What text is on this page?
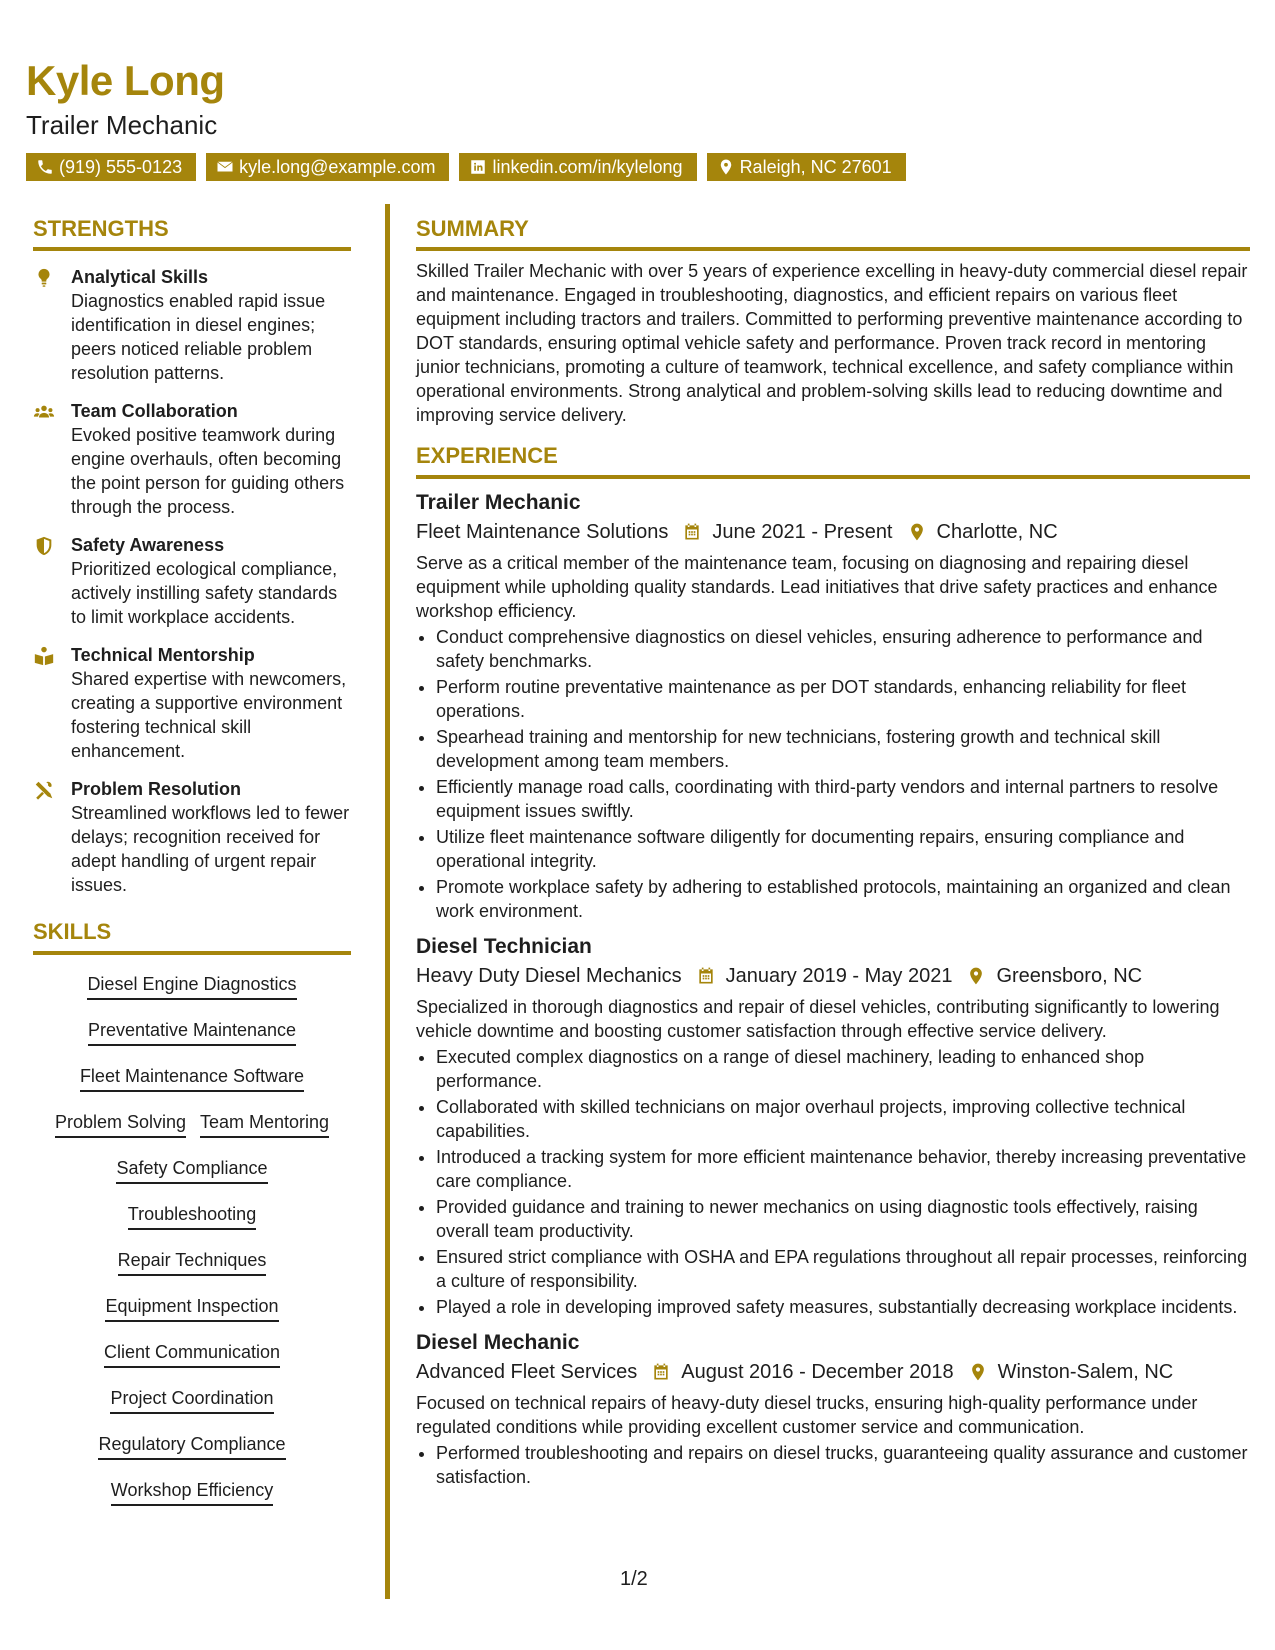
Kyle Long
Trailer Mechanic
(919) 555-0123	kyle.long@example.com	linkedin.com/in/kylelong	Raleigh, NC 27601
STRENGTHS
Analytical Skills
Diagnostics enabled rapid issue identification in diesel engines; peers noticed reliable problem resolution patterns.
Team Collaboration
Evoked positive teamwork during engine overhauls, often becoming the point person for guiding others through the process.
Safety Awareness
Prioritized ecological compliance, actively instilling safety standards to limit workplace accidents.
Technical Mentorship
Shared expertise with newcomers, creating a supportive environment fostering technical skill enhancement.
Problem Resolution
Streamlined workflows led to fewer delays; recognition received for adept handling of urgent repair issues.
SKILLS
Diesel Engine Diagnostics
Preventative Maintenance
Fleet Maintenance Software
Problem Solving Team Mentoring
Safety Compliance
Troubleshooting
Repair Techniques
Equipment Inspection
Client Communication
Project Coordination
Regulatory Compliance
Workshop Efficiency
SUMMARY
Skilled Trailer Mechanic with over 5 years of experience excelling in heavy-duty commercial diesel repair and maintenance. Engaged in troubleshooting, diagnostics, and efficient repairs on various fleet equipment including tractors and trailers. Committed to performing preventive maintenance according to DOT standards, ensuring optimal vehicle safety and performance. Proven track record in mentoring junior technicians, promoting a culture of teamwork, technical excellence, and safety compliance within operational environments. Strong analytical and problem-solving skills lead to reducing downtime and improving service delivery.
EXPERIENCE
Trailer Mechanic
Fleet Maintenance Solutions June 2021 - Present Charlotte, NC
Serve as a critical member of the maintenance team, focusing on diagnosing and repairing diesel equipment while upholding quality standards. Lead initiatives that drive safety practices and enhance workshop efficiency.
• Conduct comprehensive diagnostics on diesel vehicles, ensuring adherence to performance and safety benchmarks.
• Perform routine preventative maintenance as per DOT standards, enhancing reliability for fleet operations.
• Spearhead training and mentorship for new technicians, fostering growth and technical skill development among team members.
• Efficiently manage road calls, coordinating with third-party vendors and internal partners to resolve equipment issues swiftly.
• Utilize fleet maintenance software diligently for documenting repairs, ensuring compliance and operational integrity.
• Promote workplace safety by adhering to established protocols, maintaining an organized and clean work environment.
Diesel Technician
Heavy Duty Diesel Mechanics January 2019 - May 2021 Greensboro, NC
Specialized in thorough diagnostics and repair of diesel vehicles, contributing significantly to lowering vehicle downtime and boosting customer satisfaction through effective service delivery.
• Executed complex diagnostics on a range of diesel machinery, leading to enhanced shop performance.
• Collaborated with skilled technicians on major overhaul projects, improving collective technical capabilities.
• Introduced a tracking system for more efficient maintenance behavior, thereby increasing preventative care compliance.
• Provided guidance and training to newer mechanics on using diagnostic tools effectively, raising overall team productivity.
• Ensured strict compliance with OSHA and EPA regulations throughout all repair processes, reinforcing a culture of responsibility.
• Played a role in developing improved safety measures, substantially decreasing workplace incidents.
Diesel Mechanic
Advanced Fleet Services August 2016 - December 2018 Winston-Salem, NC
Focused on technical repairs of heavy-duty diesel trucks, ensuring high-quality performance under regulated conditions while providing excellent customer service and communication.
• Performed troubleshooting and repairs on diesel trucks, guaranteeing quality assurance and customer satisfaction.
1/2
